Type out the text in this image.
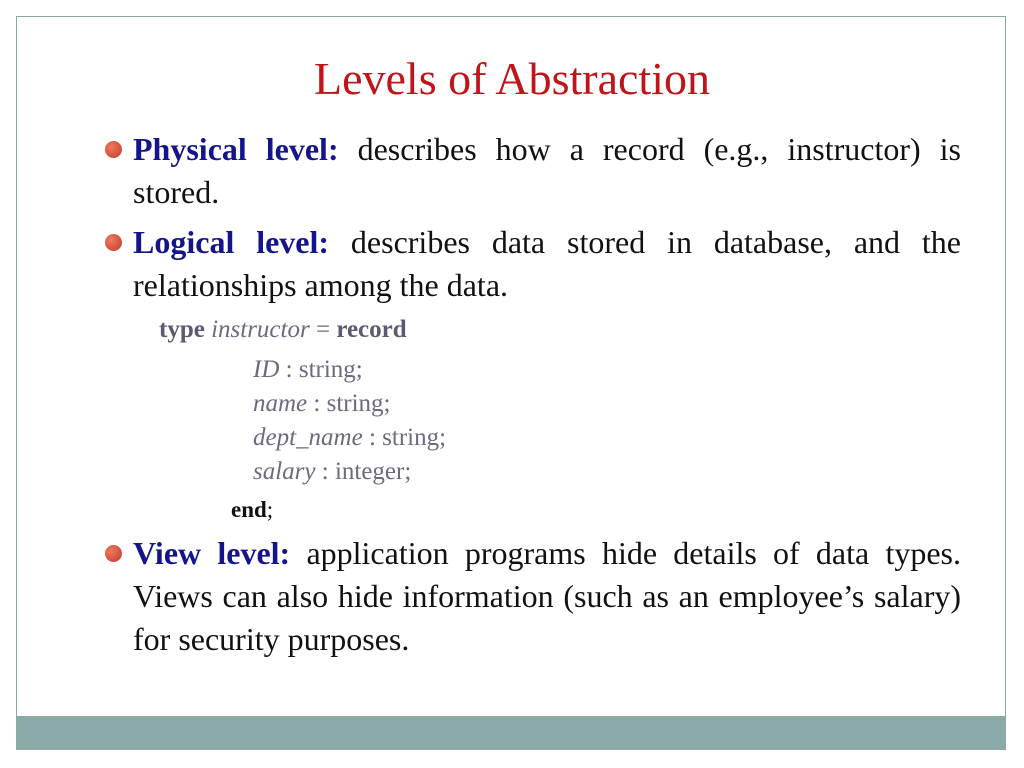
Levels of Abstraction
Physical level: describes how a record (e.g., instructor) is stored.
Logical level: describes data stored in database, and the relationships among the data.
type instructor = record
ID : string;
name : string;
dept_name : string;
salary : integer;
end;
View level: application programs hide details of data types. Views can also hide information (such as an employee’s salary) for security purposes.
